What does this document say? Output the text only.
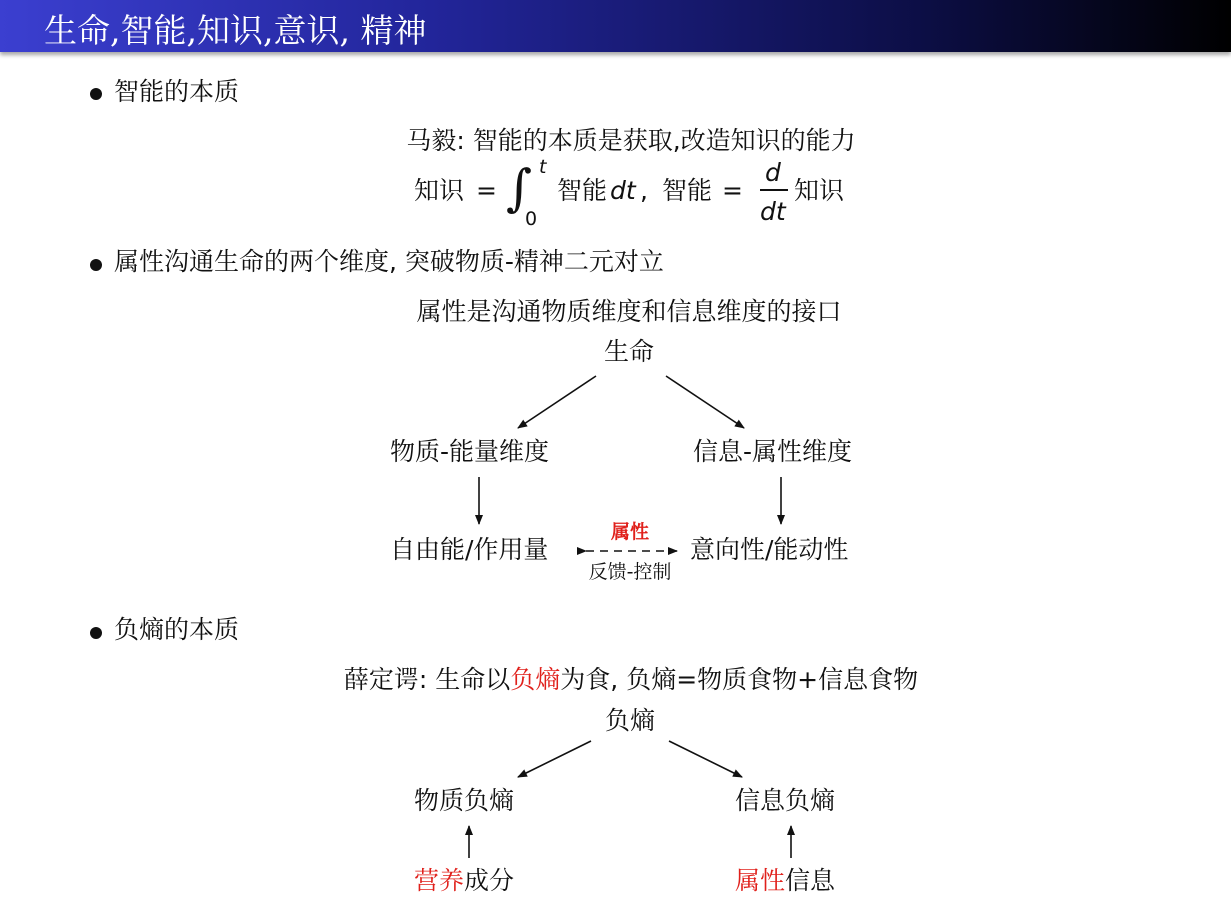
生命,智能,知识,意识, 精神
智能的本质
马毅: 智能的本质是获取,改造知识的能力
知识 = ∫ t
0
智能 dt , 智能 =
d
dt
知识
属性沟通生命的两个维度, 突破物质-精神二元对立
属性是沟通物质维度和信息维度的接口
生命
物质-能量维度	信息-属性维度
自由能/作用量	意向性/能动性
属性
反馈-控制
负熵的本质
薛定谔: 生命以负熵为食, 负熵=物质食物+信息食物
负熵
物质负熵	信息负熵
营养成分	属性信息
